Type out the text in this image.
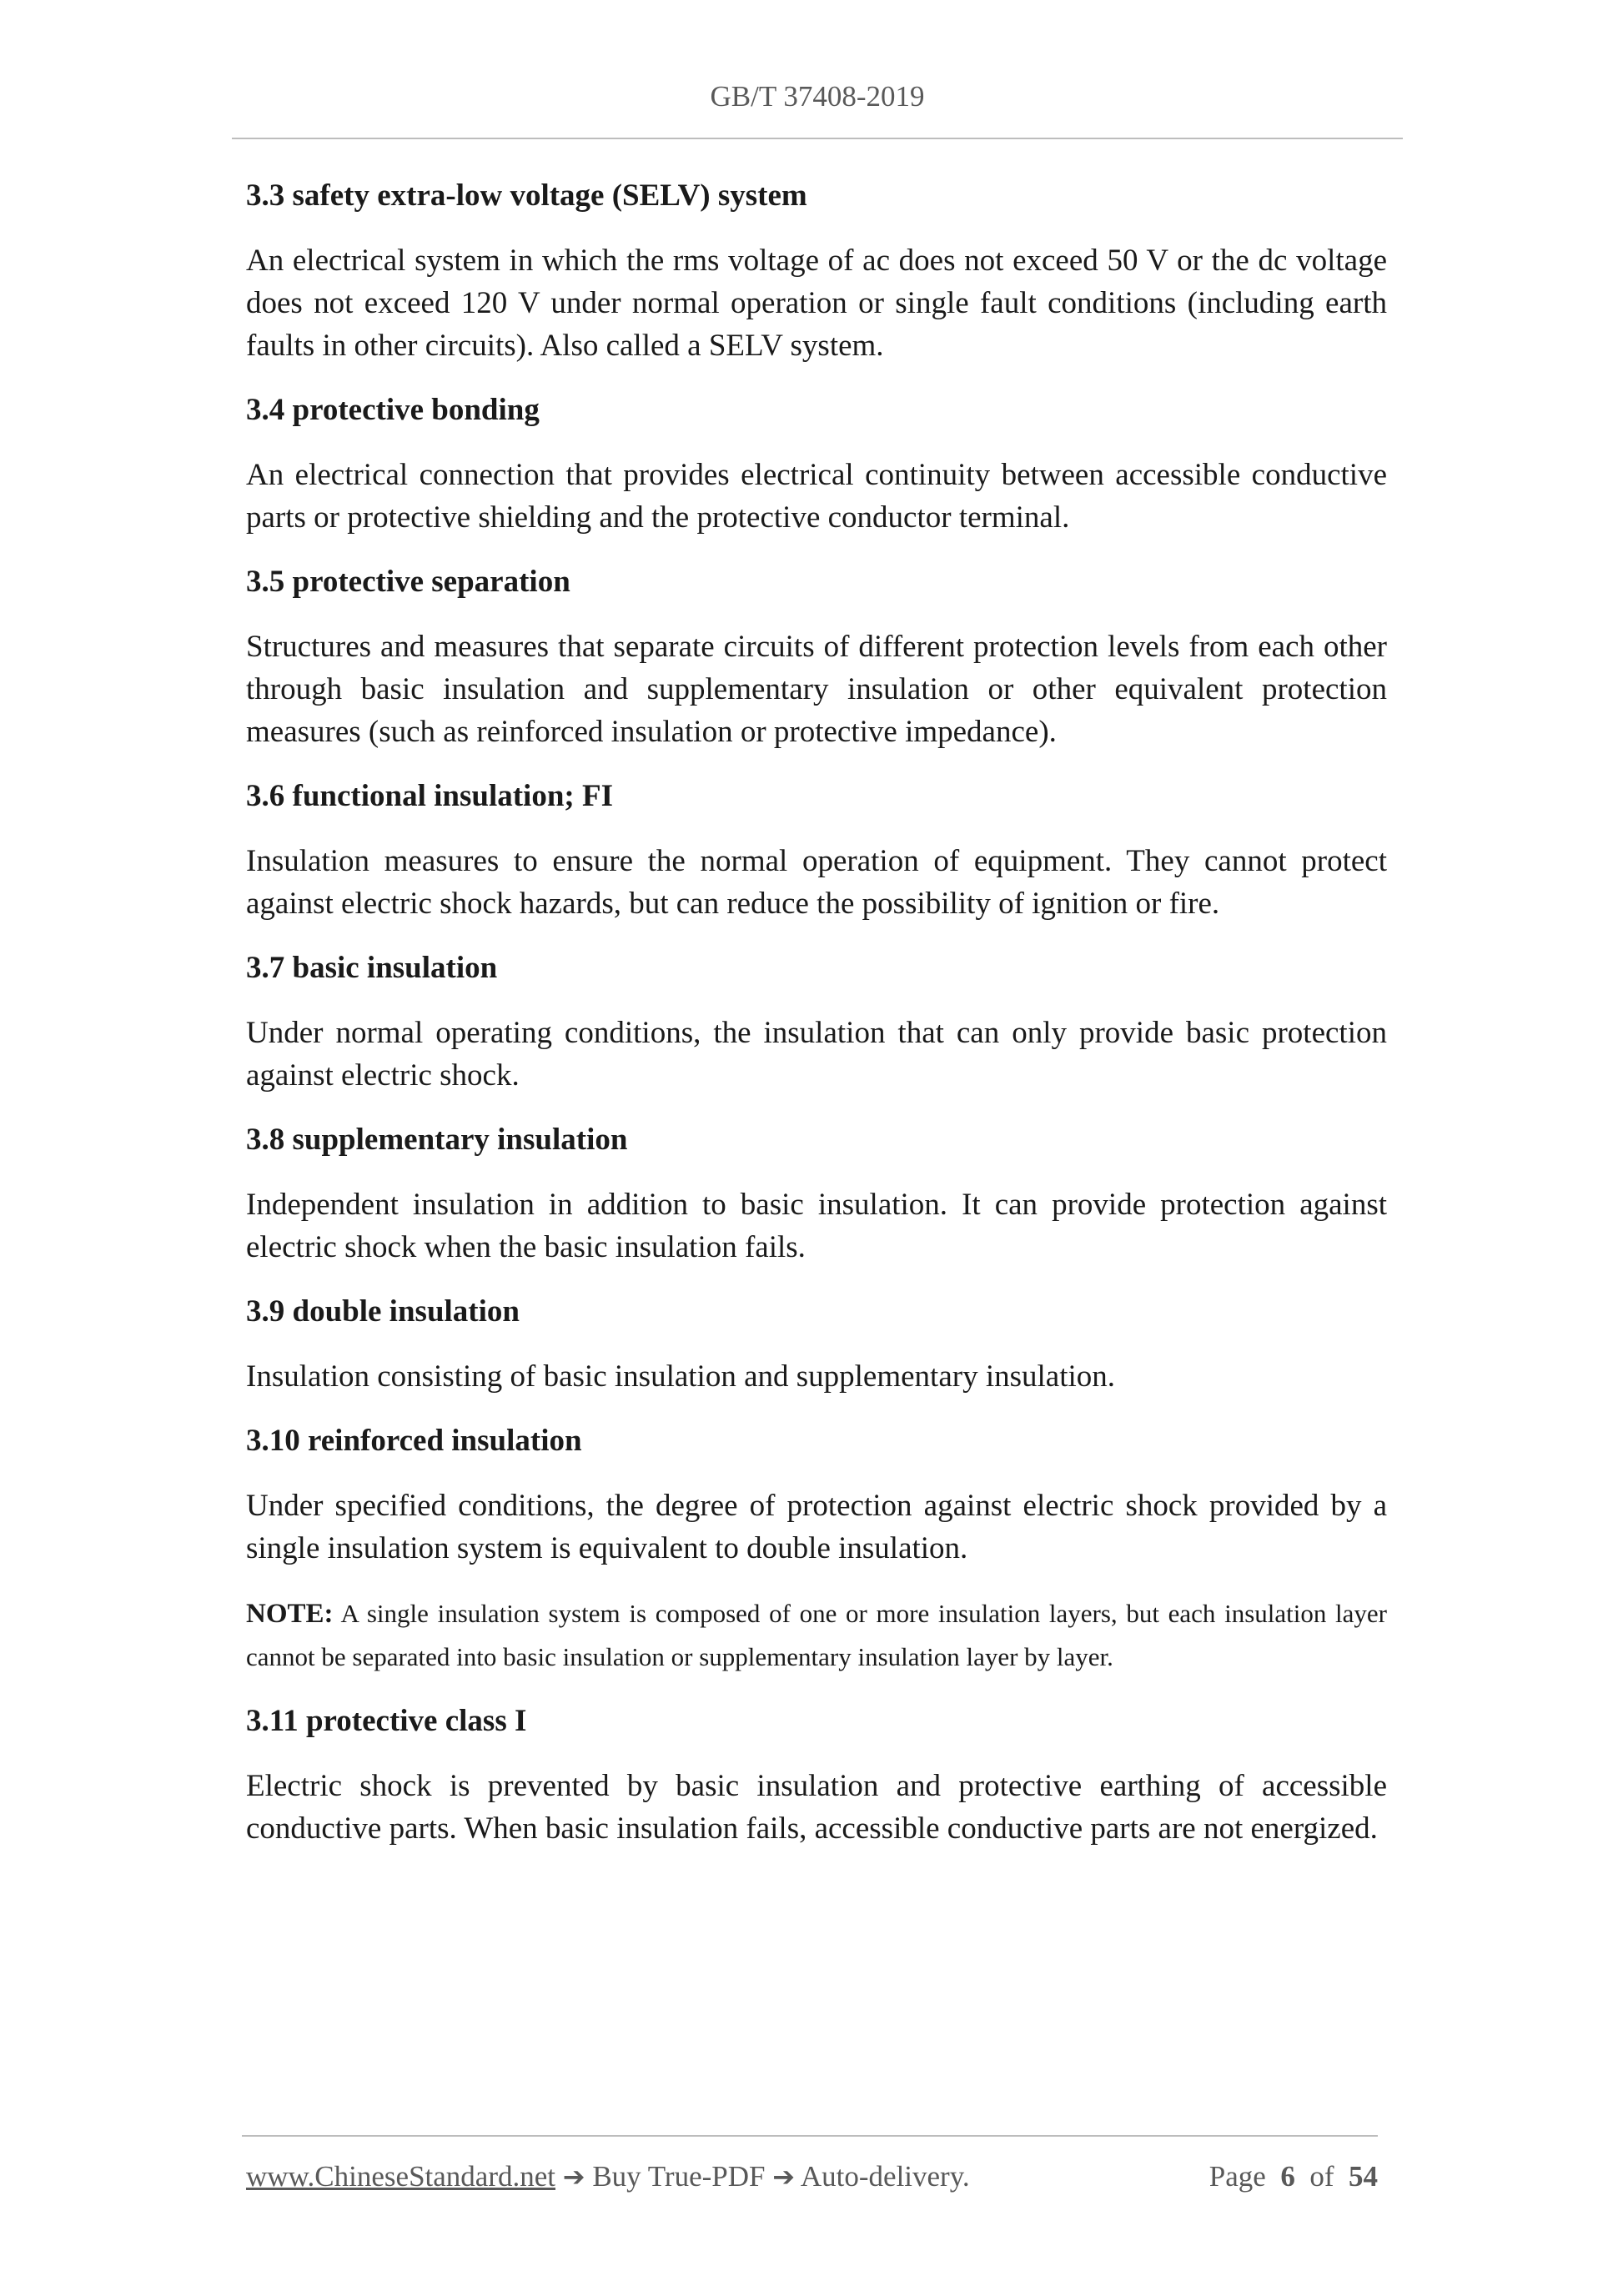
GB/T 37408-2019
3.3 safety extra-low voltage (SELV) system
An electrical system in which the rms voltage of ac does not exceed 50 V or the dc voltage does not exceed 120 V under normal operation or single fault conditions (including earth faults in other circuits). Also called a SELV system.
3.4 protective bonding
An electrical connection that provides electrical continuity between accessible conductive parts or protective shielding and the protective conductor terminal.
3.5 protective separation
Structures and measures that separate circuits of different protection levels from each other through basic insulation and supplementary insulation or other equivalent protection measures (such as reinforced insulation or protective impedance).
3.6 functional insulation; FI
Insulation measures to ensure the normal operation of equipment. They cannot protect against electric shock hazards, but can reduce the possibility of ignition or fire.
3.7 basic insulation
Under normal operating conditions, the insulation that can only provide basic protection against electric shock.
3.8 supplementary insulation
Independent insulation in addition to basic insulation. It can provide protection against electric shock when the basic insulation fails.
3.9 double insulation
Insulation consisting of basic insulation and supplementary insulation.
3.10 reinforced insulation
Under specified conditions, the degree of protection against electric shock provided by a single insulation system is equivalent to double insulation.
NOTE: A single insulation system is composed of one or more insulation layers, but each insulation layer cannot be separated into basic insulation or supplementary insulation layer by layer.
3.11 protective class I
Electric shock is prevented by basic insulation and protective earthing of accessible conductive parts. When basic insulation fails, accessible conductive parts are not energized.
www.ChineseStandard.net ➔ Buy True-PDF ➔ Auto-delivery.	Page 6 of 54
